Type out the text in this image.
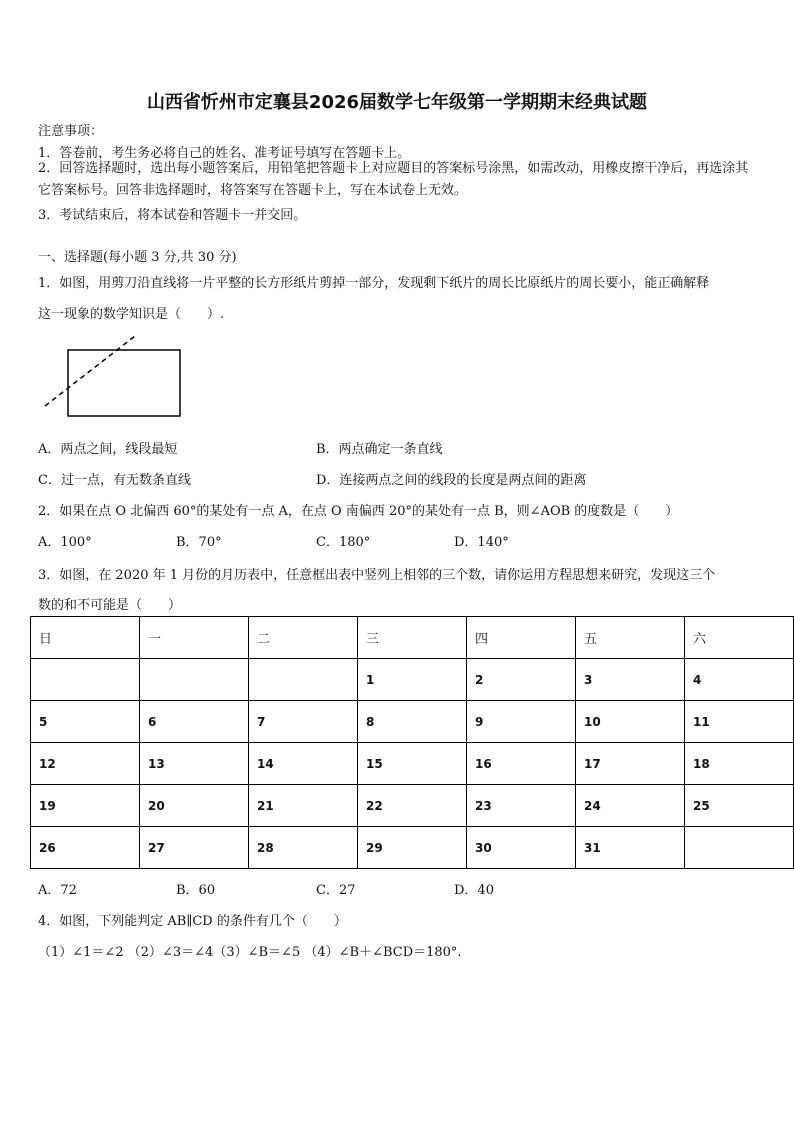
山西省忻州市定襄县2026届数学七年级第一学期期末经典试题
注意事项：
1．答卷前，考生务必将自己的姓名、准考证号填写在答题卡上。
2．回答选择题时，选出每小题答案后，用铅笔把答题卡上对应题目的答案标号涂黑，如需改动，用橡皮擦干净后，再选涂其它答案标号。回答非选择题时，将答案写在答题卡上，写在本试卷上无效。
3．考试结束后，将本试卷和答题卡一并交回。
一、选择题(每小题 3 分,共 30 分)
1．如图，用剪刀沿直线将一片平整的长方形纸片剪掉一部分，发现剩下纸片的周长比原纸片的周长要小，能正确解释
这一现象的数学知识是（　　）.
A．两点之间，线段最短	B．两点确定一条直线
C．过一点，有无数条直线	D．连接两点之间的线段的长度是两点间的距离
2．如果在点 O 北偏西 60°的某处有一点 A，在点 O 南偏西 20°的某处有一点 B，则∠AOB 的度数是（　　）
A．100°	B．70°	C．180°	D．140°
3．如图，在 2020 年 1 月份的月历表中，任意框出表中竖列上相邻的三个数，请你运用方程思想来研究，发现这三个
数的和不可能是（　　）
日	一	二	三	四	五	六
			1	2	3	4
5	6	7	8	9	10	11
12	13	14	15	16	17	18
19	20	21	22	23	24	25
26	27	28	29	30	31	
A．72	B．60	C．27	D．40
4．如图，下列能判定 AB∥CD 的条件有几个（　　）
（1）∠1＝∠2 （2）∠3＝∠4（3）∠B＝∠5 （4）∠B＋∠BCD＝180°.
